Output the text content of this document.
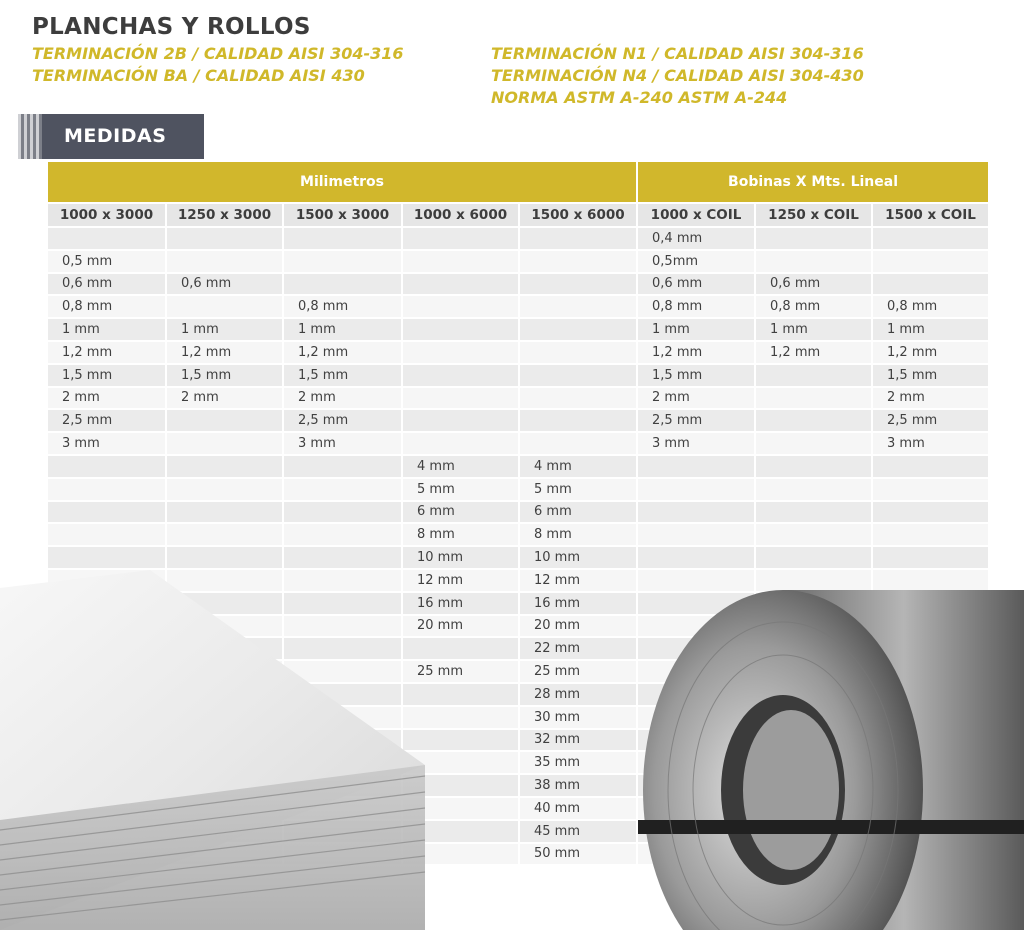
PLANCHAS Y ROLLOS
TERMINACIÓN 2B / CALIDAD AISI 304-316
TERMINACIÓN BA / CALIDAD AISI 430
TERMINACIÓN N1 / CALIDAD AISI 304-316
TERMINACIÓN N4 / CALIDAD AISI 304-430
NORMA ASTM A-240 ASTM A-244
MEDIDAS
Milimetros					Bobinas X Mts. Lineal		
1000 x 3000	1250 x 3000	1500 x 3000	1000 x 6000	1500 x 6000	1000 x COIL	1250 x COIL	1500 x COIL
					0,4 mm		
0,5 mm					0,5mm		
0,6 mm	0,6 mm				0,6 mm	0,6 mm	
0,8 mm		0,8 mm			0,8 mm	0,8 mm	0,8 mm
1 mm	1 mm	1 mm			1 mm	1 mm	1 mm
1,2 mm	1,2 mm	1,2 mm			1,2 mm	1,2 mm	1,2 mm
1,5 mm	1,5 mm	1,5 mm			1,5 mm		1,5 mm
2 mm	2 mm	2 mm			2 mm		2 mm
2,5 mm		2,5 mm			2,5 mm		2,5 mm
3 mm		3 mm			3 mm		3 mm
			4 mm	4 mm			
			5 mm	5 mm			
			6 mm	6 mm			
			8 mm	8 mm			
			10 mm	10 mm			
			12 mm	12 mm			
			16 mm	16 mm			
			20 mm	20 mm			
				22 mm			
			25 mm	25 mm			
				28 mm			
				30 mm			
				32 mm			
				35 mm			
				38 mm			
				40 mm			
				45 mm			
				50 mm			
